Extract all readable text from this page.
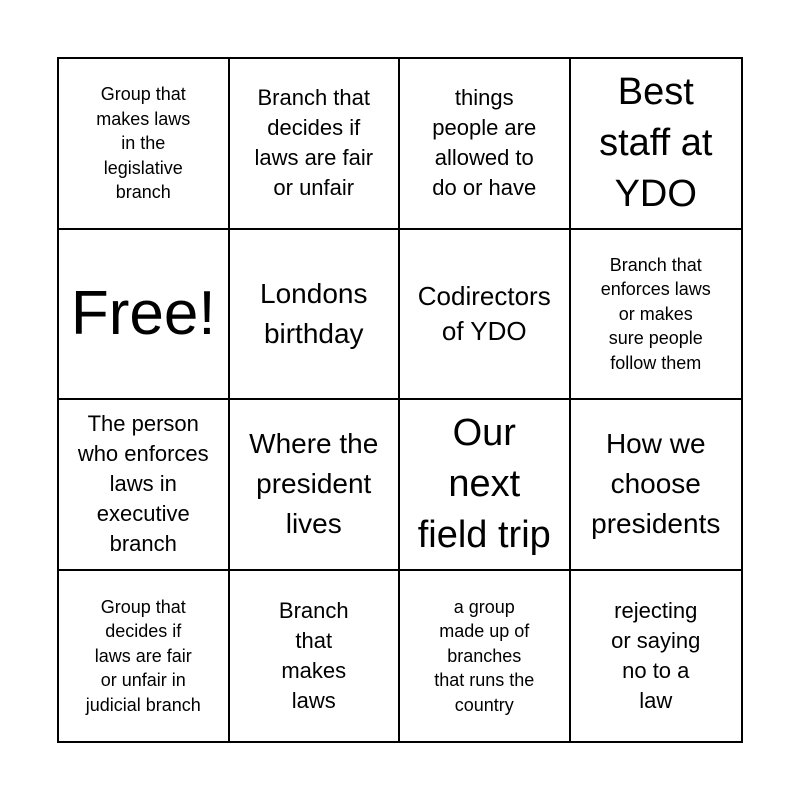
Group that
makes laws
in the
legislative
branch
Branch that
decides if
laws are fair
or unfair
things
people are
allowed to
do or have
Best
staff at
YDO
Free! Londons
birthday
Codirectors
of YDO
Branch that
enforces laws
or makes
sure people
follow them
The person
who enforces
laws in
executive
branch
Where the
president
lives
Our
next
field trip
How we
choose
presidents
Group that
decides if
laws are fair
or unfair in
judicial branch
Branch
that
makes
laws
a group
made up of
branches
that runs the
country
rejecting
or saying
no to a
law
